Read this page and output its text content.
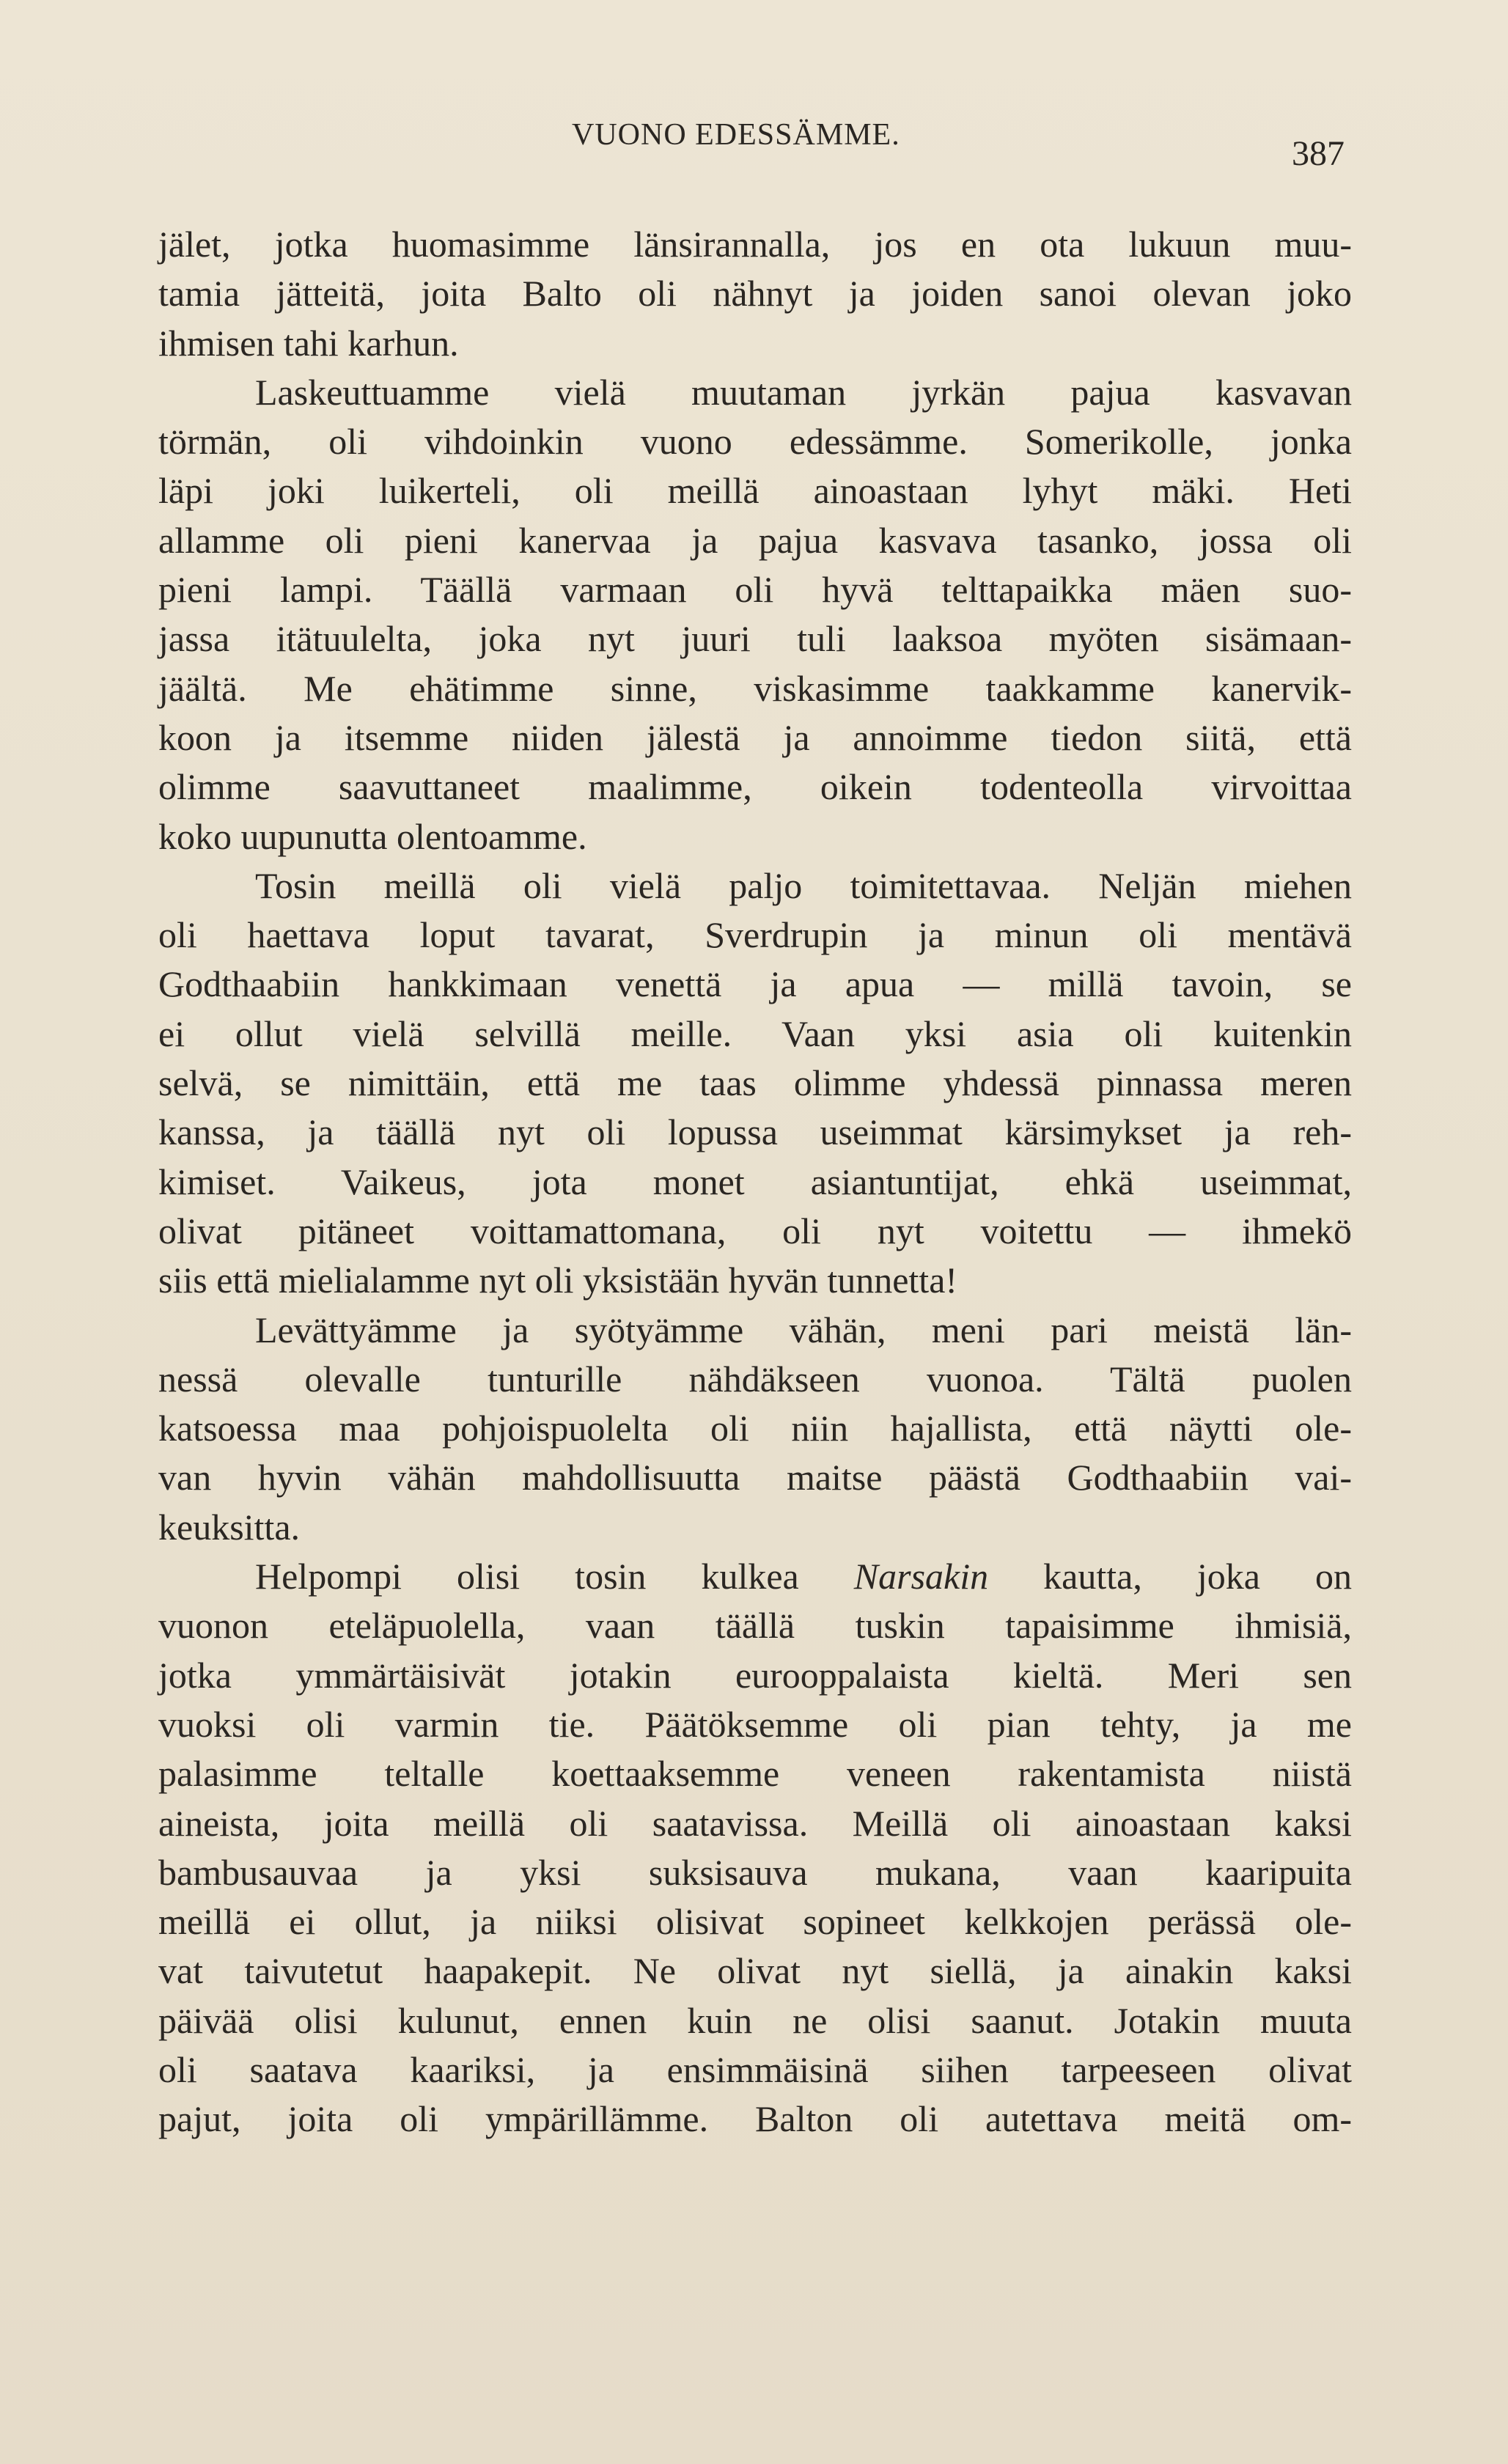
VUONO EDESSÄMME.	387
jälet, jotka huomasimme länsirannalla, jos en ota lukuun muu-
tamia jätteitä, joita Balto oli nähnyt ja joiden sanoi olevan joko
ihmisen tahi karhun.
Laskeuttuamme vielä muutaman jyrkän pajua kasvavan
törmän, oli vihdoinkin vuono edessämme. Somerikolle, jonka
läpi joki luikerteli, oli meillä ainoastaan lyhyt mäki. Heti
allamme oli pieni kanervaa ja pajua kasvava tasanko, jossa oli
pieni lampi. Täällä varmaan oli hyvä telttapaikka mäen suo-
jassa itätuulelta, joka nyt juuri tuli laaksoa myöten sisämaan-
jäältä. Me ehätimme sinne, viskasimme taakkamme kanervik-
koon ja itsemme niiden jälestä ja annoimme tiedon siitä, että
olimme saavuttaneet maalimme, oikein todenteolla virvoittaa
koko uupunutta olentoamme.
Tosin meillä oli vielä paljo toimitettavaa. Neljän miehen
oli haettava loput tavarat, Sverdrupin ja minun oli mentävä
Godthaabiin hankkimaan venettä ja apua — millä tavoin, se
ei ollut vielä selvillä meille. Vaan yksi asia oli kuitenkin
selvä, se nimittäin, että me taas olimme yhdessä pinnassa meren
kanssa, ja täällä nyt oli lopussa useimmat kärsimykset ja reh-
kimiset. Vaikeus, jota monet asiantuntijat, ehkä useimmat,
olivat pitäneet voittamattomana, oli nyt voitettu — ihmekö
siis että mielialamme nyt oli yksistään hyvän tunnetta!
Levättyämme ja syötyämme vähän, meni pari meistä län-
nessä olevalle tunturille nähdäkseen vuonoa. Tältä puolen
katsoessa maa pohjoispuolelta oli niin hajallista, että näytti ole-
van hyvin vähän mahdollisuutta maitse päästä Godthaabiin vai-
keuksitta.
Helpompi olisi tosin kulkea Narsakin kautta, joka on
vuonon eteläpuolella, vaan täällä tuskin tapaisimme ihmisiä,
jotka ymmärtäisivät jotakin eurooppalaista kieltä. Meri sen
vuoksi oli varmin tie. Päätöksemme oli pian tehty, ja me
palasimme teltalle koettaaksemme veneen rakentamista niistä
aineista, joita meillä oli saatavissa. Meillä oli ainoastaan kaksi
bambusauvaa ja yksi suksisauva mukana, vaan kaaripuita
meillä ei ollut, ja niiksi olisivat sopineet kelkkojen perässä ole-
vat taivutetut haapakepit. Ne olivat nyt siellä, ja ainakin kaksi
päivää olisi kulunut, ennen kuin ne olisi saanut. Jotakin muuta
oli saatava kaariksi, ja ensimmäisinä siihen tarpeeseen olivat
pajut, joita oli ympärillämme. Balton oli autettava meitä om-
